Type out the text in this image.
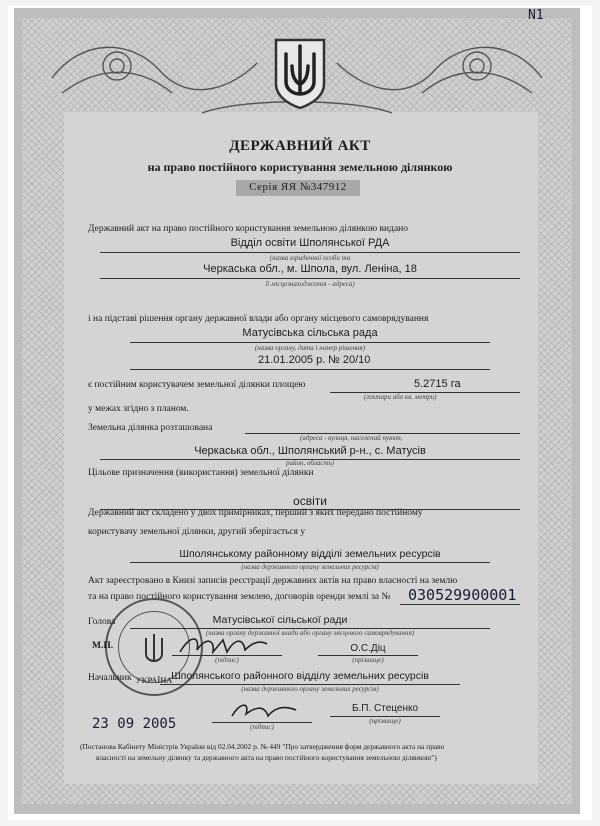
N1
ДЕРЖАВНИЙ АКТ
на право постійного користування земельною ділянкою
Серія ЯЯ №347912
Державний акт на право постійного користування земельною ділянкою видано
Відділ освіти Шполянської РДА
(назва юридичної особи та
Черкаська обл., м. Шпола, вул. Леніна, 18
її місцезнаходження - адреса)
і на підставі рішення органу державної влади або органу місцевого самоврядування
Матусівська сільська рада
(назва органу, дата і номер рішення)
21.01.2005 р. № 20/10
є постійним користувачем земельної ділянки площею	5.2715 га
(гектари або кв. метри)
у межах згідно з планом.
Земельна ділянка розташована
(адреса - вулиця, населений пункт,
Черкаська обл., Шполянський р-н., с. Матусів
район, область)
Цільове призначення (використання) земельної ділянки
освіти
Державний акт складено у двох примірниках, перший з яких передано постійному
користувачу земельної ділянки, другий зберігається у
Шполянському районному відділі земельних ресурсів
(назва державного органу земельних ресурсів)
Акт зареєстровано в Книзі записів реєстрації державних актів на право власності на землю
та на право постійного користування землею, договорів оренди землі за № 030529900001
УКРАЇНА
Голова	Матусівської сільської ради
(назва органу державної влади або органу місцевого самоврядування)
М.П.
(підпис)
О.С.Діц
(прізвище)
Начальник	Шполянського районного відділу земельних ресурсів
(назва державного органу земельних ресурсів)
23 09 2005	(підпис)
Б.П. Стеценко
(прізвище)
(Постанова Кабінету Міністрів України від 02.04.2002 р. № 449 "Про затвердження форм державного акта на право
власності на земельну ділянку та державного акта на право постійного користування земельною ділянкою")
